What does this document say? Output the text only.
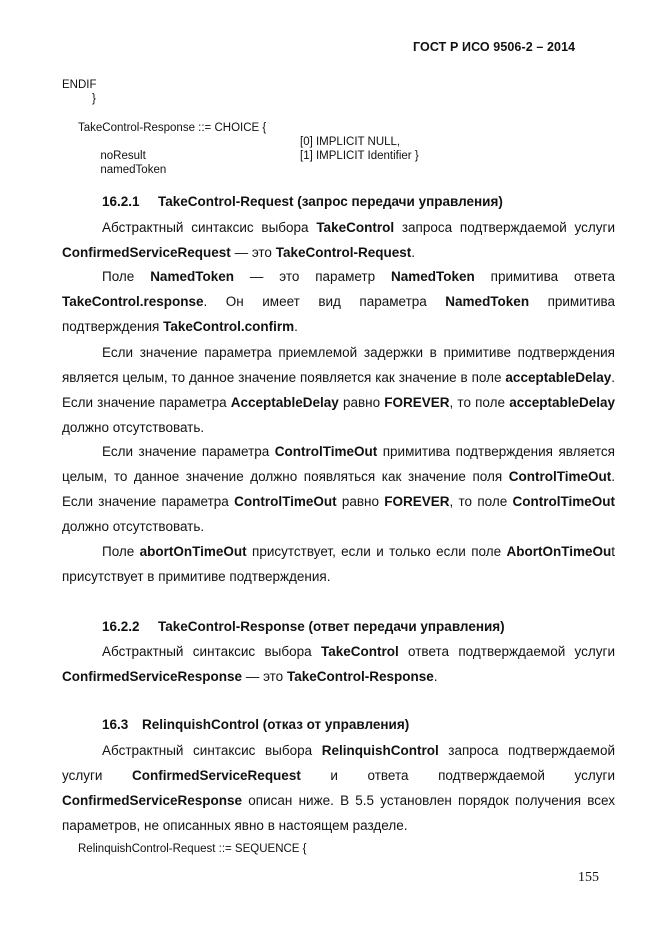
ГОСТ Р ИСО 9506-2 – 2014
ENDIF
}
TakeControl-Response ::= CHOICE {

noResult

[0] IMPLICIT NULL,

namedToken

[1] IMPLICIT Identifier }
16.2.1 TakeControl-Request (запрос передачи управления)
Абстрактный синтаксис выбора TakeControl запроса подтверждаемой услуги ConfirmedServiceRequest — это TakeControl-Request.
Поле NamedToken — это параметр NamedToken примитива ответа TakeControl.response. Он имеет вид параметра NamedToken примитива подтверждения TakeControl.confirm.
Если значение параметра приемлемой задержки в примитиве подтверждения является целым, то данное значение появляется как значение в поле acceptableDelay. Если значение параметра AcceptableDelay равно FOREVER, то поле acceptableDelay должно отсутствовать.
Если значение параметра ControlTimeOut примитива подтверждения является целым, то данное значение должно появляться как значение поля ControlTimeOut. Если значение параметра ControlTimeOut равно FOREVER, то поле ControlTimeOut должно отсутствовать.
Поле abortOnTimeOut присутствует, если и только если поле AbortOnTimeOut присутствует в примитиве подтверждения.
16.2.2 TakeControl-Response (ответ передачи управления)
Абстрактный синтаксис выбора TakeControl ответа подтверждаемой услуги ConfirmedServiceResponse — это TakeControl-Response.
16.3 RelinquishControl (отказ от управления)
Абстрактный синтаксис выбора RelinquishControl запроса подтверждаемой услуги ConfirmedServiceRequest и ответа подтверждаемой услуги ConfirmedServiceResponse описан ниже. В 5.5 установлен порядок получения всех параметров, не описанных явно в настоящем разделе.
RelinquishControl-Request ::= SEQUENCE {
155
